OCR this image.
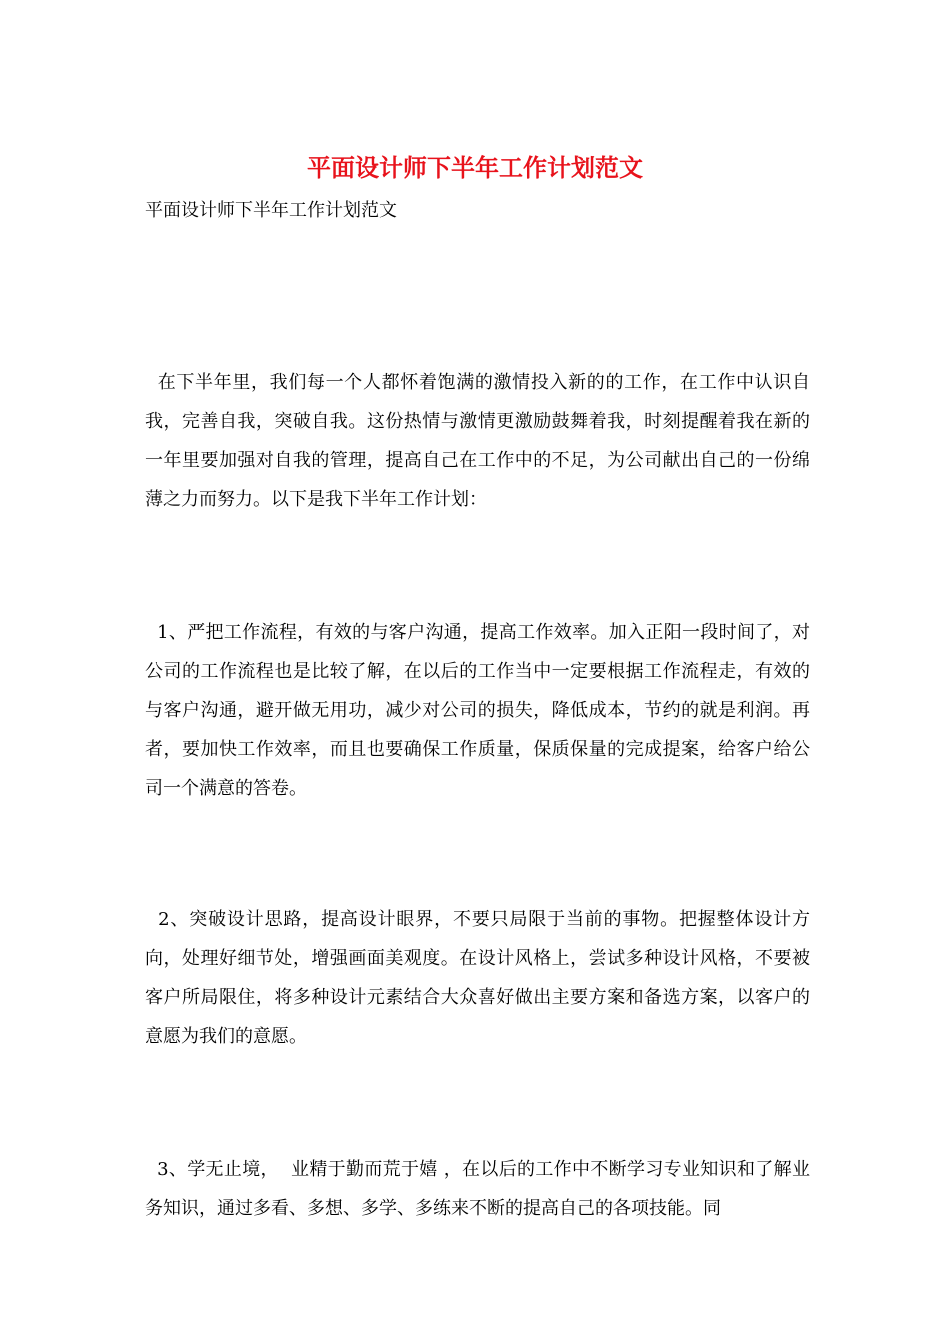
平面设计师下半年工作计划范文

平面设计师下半年工作计划范文

在下半年里，我们每一个人都怀着饱满的激情投入新的的工作，在工作中认识自我，完善自我，突破自我。这份热情与激情更激励鼓舞着我，时刻提醒着我在新的一年里要加强对自我的管理，提高自己在工作中的不足，为公司献出自己的一份绵薄之力而努力。以下是我下半年工作计划：

1、严把工作流程，有效的与客户沟通，提高工作效率。加入正阳一段时间了，对公司的工作流程也是比较了解，在以后的工作当中一定要根据工作流程走，有效的与客户沟通，避开做无用功，减少对公司的损失，降低成本，节约的就是利润。再者，要加快工作效率，而且也要确保工作质量，保质保量的完成提案，给客户给公司一个满意的答卷。

2、突破设计思路，提高设计眼界，不要只局限于当前的事物。把握整体设计方向，处理好细节处，增强画面美观度。在设计风格上，尝试多种设计风格，不要被客户所局限住，将多种设计元素结合大众喜好做出主要方案和备选方案，以客户的意愿为我们的意愿。

3、学无止境，  业精于勤而荒于嬉 ，在以后的工作中不断学习专业知识和了解业务知识，通过多看、多想、多学、多练来不断的提高自己的各项技能。同
